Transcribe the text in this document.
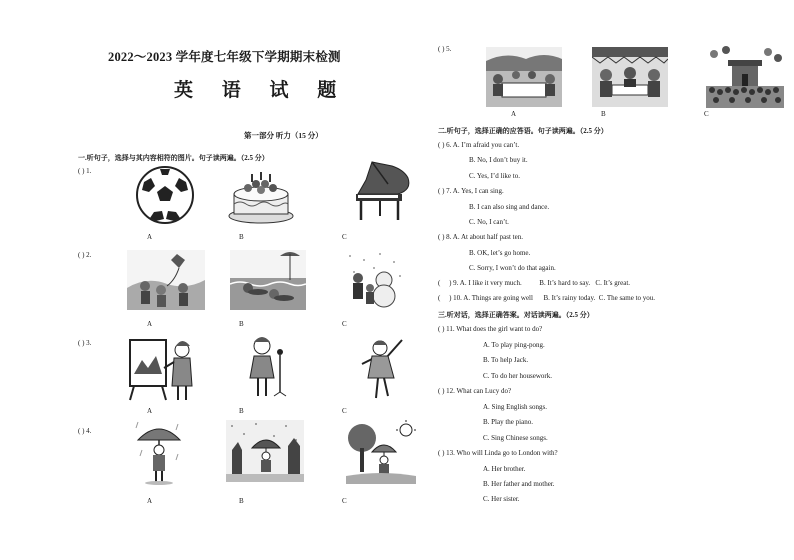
2022～2023 学年度七年级下学期期末检测
英 语 试 题
第一部分 听力（15 分）
一.听句子，选择与其内容相符的图片。句子读两遍。（2.5 分）
( ) 1.
A	B	C
( ) 2.
A	B	C
( ) 3.
A	B	C
( ) 4.
A	B	C
( ) 5.
A	B	C
二.听句子，选择正确的应答语。句子读两遍。（2.5 分）
( ) 6. A. I’m afraid you can’t.
B. No, I don’t buy it.
C. Yes, I’d like to.
( ) 7. A. Yes, I can sing.
B. I can also sing and dance.
C. No, I can’t.
( ) 8. A. At about half past ten.
B. OK, let’s go home.
C. Sorry, I won’t do that again.
(     ) 9. A. I like it very much.          B. It’s hard to say.   C. It’s great.
(     ) 10. A. Things are going well      B. It’s rainy today.  C. The same to you.
三.听对话，选择正确答案。对话读两遍。（2.5 分）
( ) 11. What does the girl want to do?
A. To play ping-pong.
B. To help Jack.
C. To do her housework.
( ) 12. What can Lucy do?
A. Sing English songs.
B. Play the piano.
C. Sing Chinese songs.
( ) 13. Who will Linda go to London with?
A. Her brother.
B. Her father and mother.
C. Her sister.
